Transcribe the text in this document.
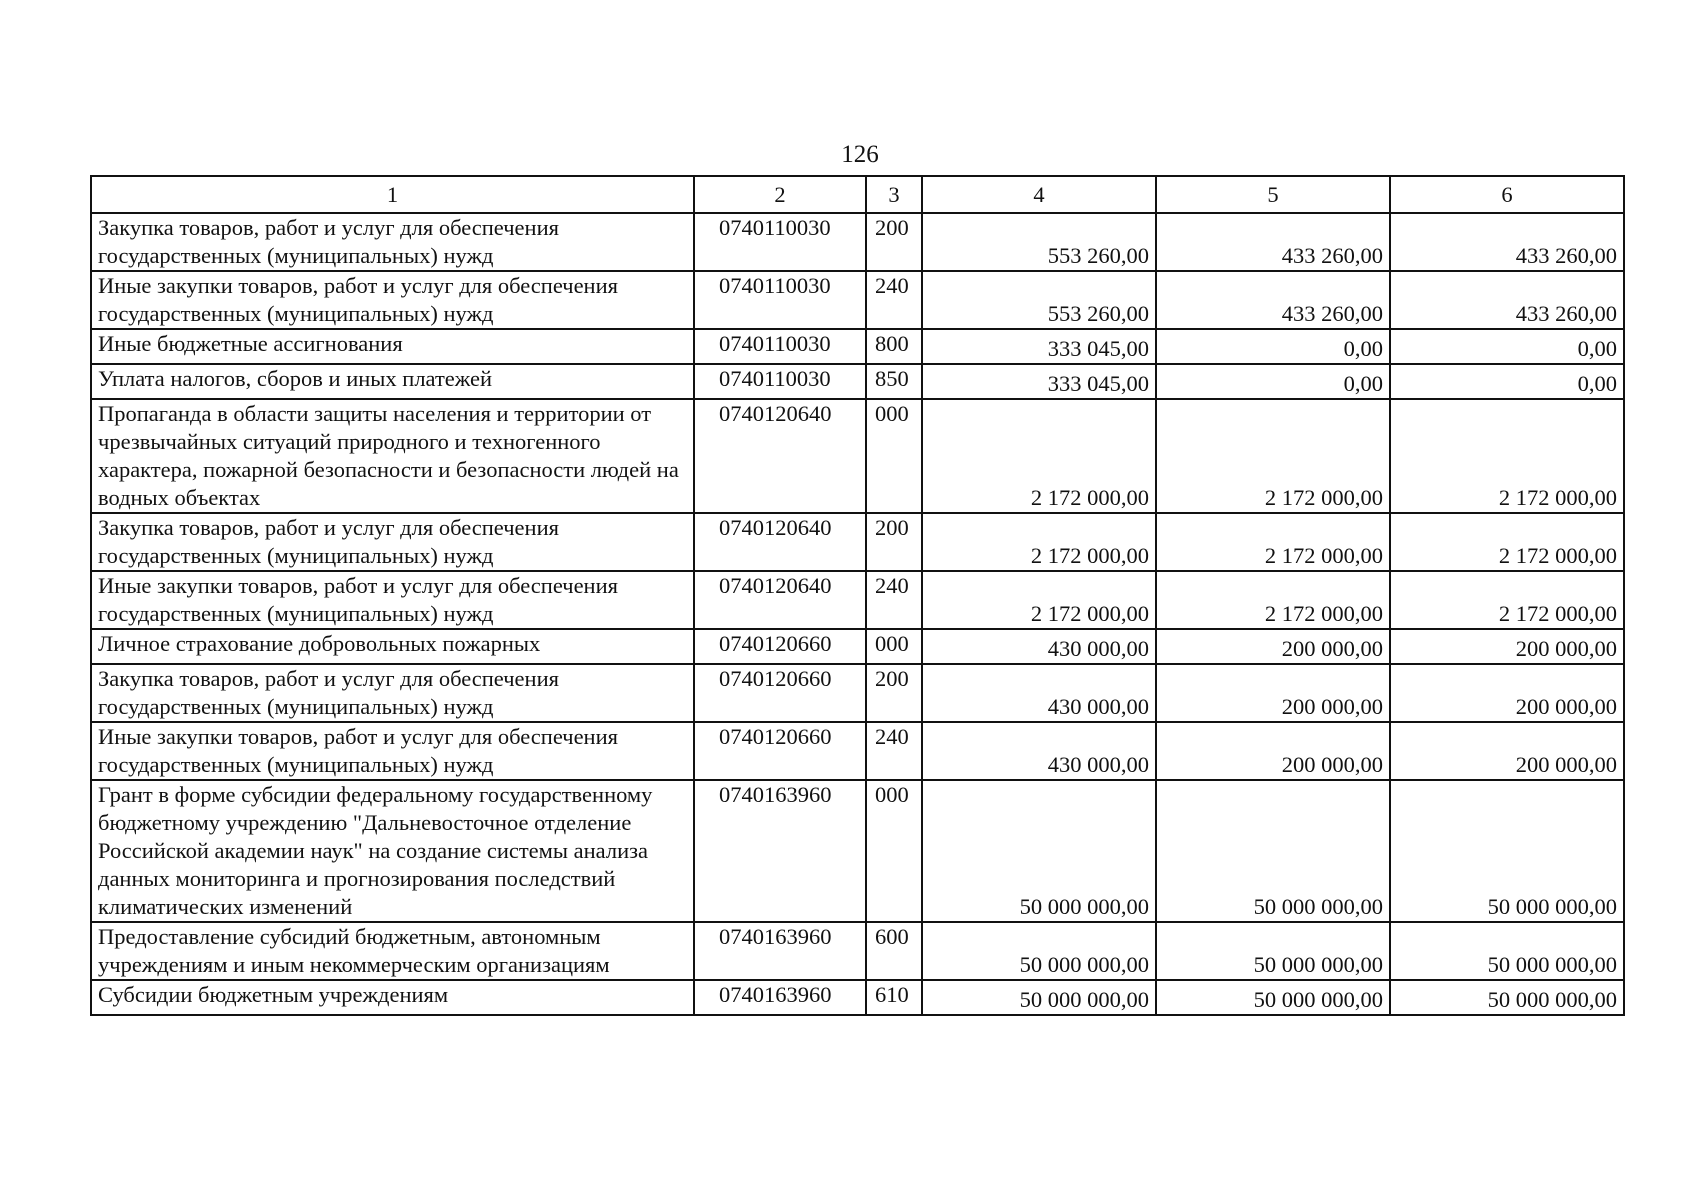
126
1	2	3	4	5	6
Закупка товаров, работ и услуг для обеспечения государственных (муниципальных) нужд	0740110030	200	553 260,00	433 260,00	433 260,00
Иные закупки товаров, работ и услуг для обеспечения государственных (муниципальных) нужд	0740110030	240	553 260,00	433 260,00	433 260,00
Иные бюджетные ассигнования	0740110030	800	333 045,00	0,00	0,00
Уплата налогов, сборов и иных платежей	0740110030	850	333 045,00	0,00	0,00
Пропаганда в области защиты населения и территории от чрезвычайных ситуаций природного и техногенного характера, пожарной безопасности и безопасности людей на водных объектах	0740120640	000	2 172 000,00	2 172 000,00	2 172 000,00
Закупка товаров, работ и услуг для обеспечения государственных (муниципальных) нужд	0740120640	200	2 172 000,00	2 172 000,00	2 172 000,00
Иные закупки товаров, работ и услуг для обеспечения государственных (муниципальных) нужд	0740120640	240	2 172 000,00	2 172 000,00	2 172 000,00
Личное страхование добровольных пожарных	0740120660	000	430 000,00	200 000,00	200 000,00
Закупка товаров, работ и услуг для обеспечения государственных (муниципальных) нужд	0740120660	200	430 000,00	200 000,00	200 000,00
Иные закупки товаров, работ и услуг для обеспечения государственных (муниципальных) нужд	0740120660	240	430 000,00	200 000,00	200 000,00
Грант в форме субсидии федеральному государственному бюджетному учреждению "Дальневосточное отделение Российской академии наук" на создание системы анализа данных мониторинга и прогнозирования последствий климатических изменений	0740163960	000	50 000 000,00	50 000 000,00	50 000 000,00
Предоставление субсидий бюджетным, автономным учреждениям и иным некоммерческим организациям	0740163960	600	50 000 000,00	50 000 000,00	50 000 000,00
Субсидии бюджетным учреждениям	0740163960	610	50 000 000,00	50 000 000,00	50 000 000,00
